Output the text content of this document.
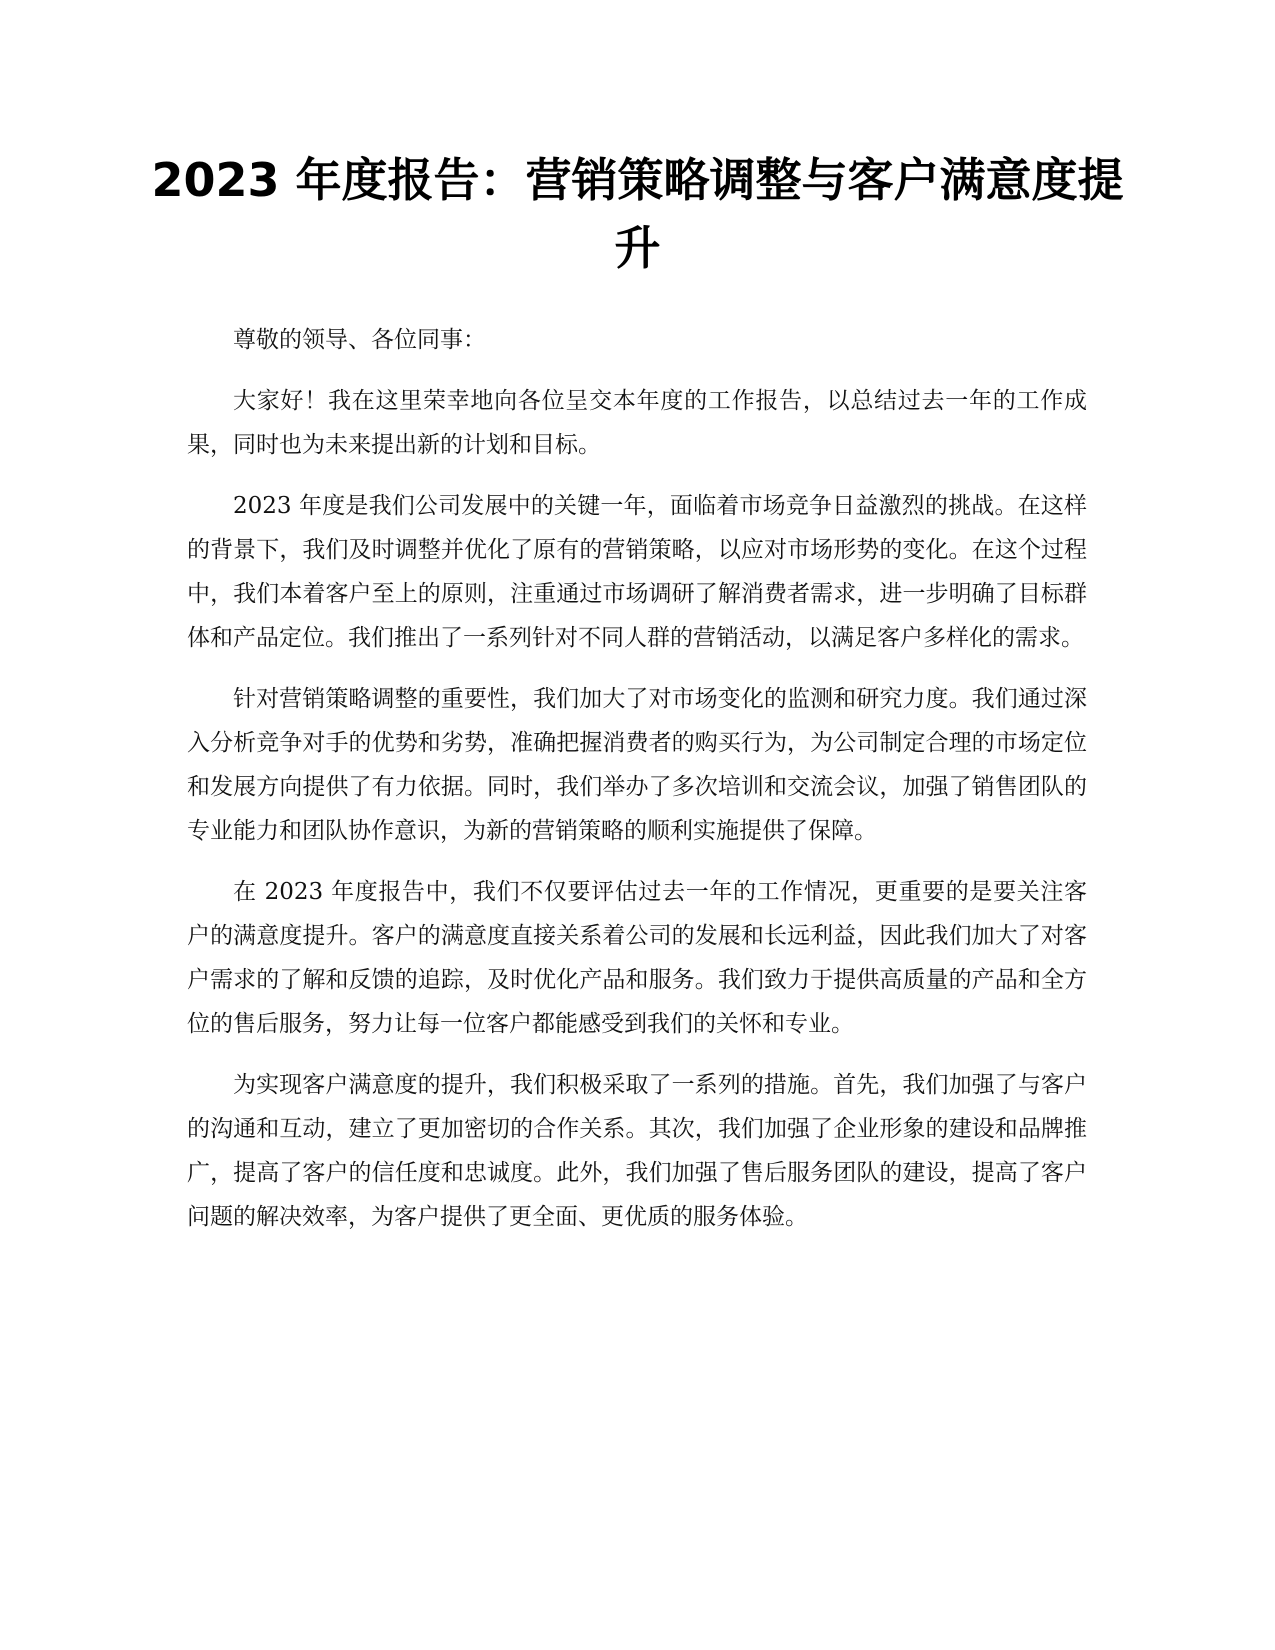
2023 年度报告：营销策略调整与客户满意度提升

尊敬的领导、各位同事：

大家好！我在这里荣幸地向各位呈交本年度的工作报告，以总结过去一年的工作成果，同时也为未来提出新的计划和目标。

2023 年度是我们公司发展中的关键一年，面临着市场竞争日益激烈的挑战。在这样的背景下，我们及时调整并优化了原有的营销策略，以应对市场形势的变化。在这个过程中，我们本着客户至上的原则，注重通过市场调研了解消费者需求，进一步明确了目标群体和产品定位。我们推出了一系列针对不同人群的营销活动，以满足客户多样化的需求。

针对营销策略调整的重要性，我们加大了对市场变化的监测和研究力度。我们通过深入分析竞争对手的优势和劣势，准确把握消费者的购买行为，为公司制定合理的市场定位和发展方向提供了有力依据。同时，我们举办了多次培训和交流会议，加强了销售团队的专业能力和团队协作意识，为新的营销策略的顺利实施提供了保障。

在 2023 年度报告中，我们不仅要评估过去一年的工作情况，更重要的是要关注客户的满意度提升。客户的满意度直接关系着公司的发展和长远利益，因此我们加大了对客户需求的了解和反馈的追踪，及时优化产品和服务。我们致力于提供高质量的产品和全方位的售后服务，努力让每一位客户都能感受到我们的关怀和专业。

为实现客户满意度的提升，我们积极采取了一系列的措施。首先，我们加强了与客户的沟通和互动，建立了更加密切的合作关系。其次，我们加强了企业形象的建设和品牌推广，提高了客户的信任度和忠诚度。此外，我们加强了售后服务团队的建设，提高了客户问题的解决效率，为客户提供了更全面、更优质的服务体验。
